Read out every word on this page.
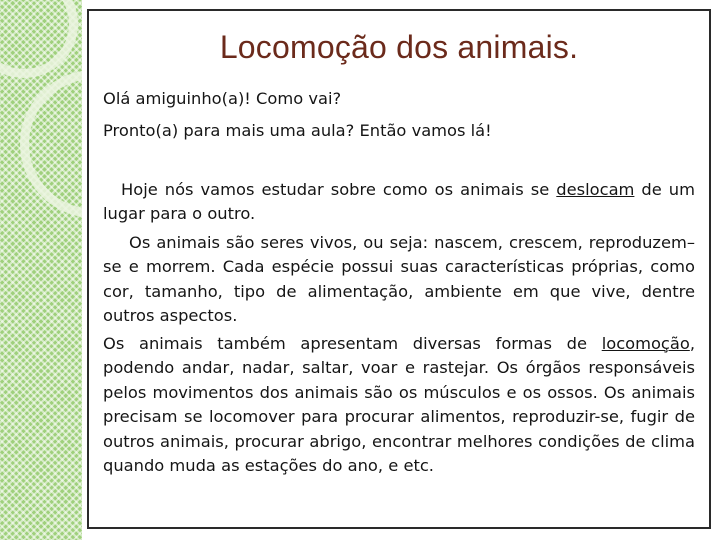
Locomoção dos animais.

Olá amiguinho(a)! Como vai?

Pronto(a) para mais uma aula? Então vamos lá!

Hoje nós vamos estudar sobre como os animais se deslocam de um lugar para o outro.

Os animais são seres vivos, ou seja: nascem, crescem, reproduzem–se e morrem. Cada espécie possui suas características próprias, como cor, tamanho, tipo de alimentação, ambiente em que vive, dentre outros aspectos.

Os animais também apresentam diversas formas de locomoção, podendo andar, nadar, saltar, voar e rastejar. Os órgãos responsáveis pelos movimentos dos animais são os músculos e os ossos. Os animais precisam se locomover para procurar alimentos, reproduzir-se, fugir de outros animais, procurar abrigo, encontrar melhores condições de clima quando muda as estações do ano, e etc.
